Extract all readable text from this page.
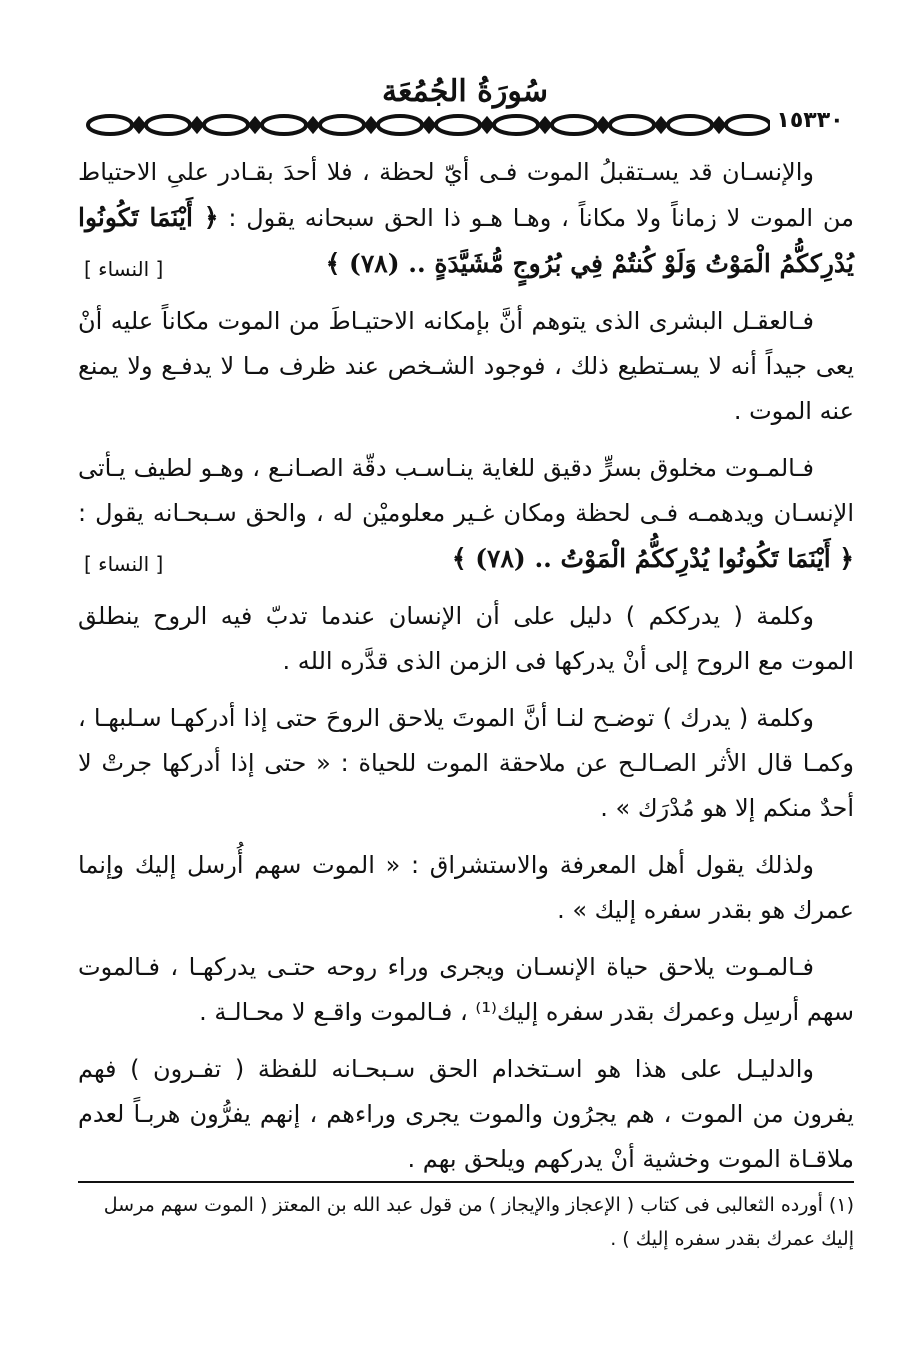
سُورَةُ الجُمُعَة
١٥٣٣٠

والإنسـان قد يسـتقبلُ الموت فـى أيّ لحظة ، فلا أحدَ بقـادر علىِ الاحتياط من الموت لا زماناً ولا مكاناً ، وهـا هـو ذا الحق سبحانه يقول : ﴿ أَيْنَمَا تَكُونُوا يُدْرِككُّمُ الْمَوْتُ وَلَوْ كُنتُمْ فِي بُرُوجٍ مُّشَيَّدَةٍ .. (٧٨) ﴾
[ النساء ]

فـالعقـل البشرى الذى يتوهم أنَّ بإمكانه الاحتيـاطَ من الموت مكاناً عليه أنْ يعى جيداً أنه لا يسـتطيع ذلك ، فوجود الشـخص عند ظرف مـا لا يدفـع ولا يمنع عنه الموت .

فـالمـوت مخلوق بسرٍّ دقيق للغاية ينـاسـب دقّة الصـانـع ، وهـو لطيف يـأتى الإنسـان ويدهمـه فـى لحظة ومكان غـير معلوميْن له ، والحق سـبحـانه يقول : ﴿ أَيْنَمَا تَكُونُوا يُدْرِككُّمُ الْمَوْتُ .. (٧٨) ﴾
[ النساء ]

وكلمة ( يدرككم ) دليل على أن الإنسان عندما تدبّ فيه الروح ينطلق الموت مع الروح إلى أنْ يدركها فى الزمن الذى قدَّره الله .

وكلمة ( يدرك ) توضـح لنـا أنَّ الموتَ يلاحق الروحَ حتى إذا أدركهـا سـلبهـا ، وكمـا قال الأثر الصـالـح عن ملاحقة الموت للحياة : « حتى إذا أدركها جرتْ لا أحدٌ منكم إلا هو مُدْرَك » .

ولذلك يقول أهل المعرفة والاستشراق : « الموت سهم أُرسل إليك وإنما عمرك هو بقدر سفره إليك » .

فـالمـوت يلاحق حياة الإنسـان ويجرى وراء روحه حتـى يدركهـا ، فـالموت سهم أرسِل وعمرك بقدر سفره إليك⁽¹⁾ ، فـالموت واقـع لا محـالـة .

والدليـل على هذا هو اسـتخدام الحق سـبحـانه للفظة ( تفـرون ) فهم يفرون من الموت ، هم يجرُون والموت يجرى وراءهم ، إنهم يفرُّون هربـاً لعدم ملاقـاة الموت وخشية أنْ يدركهم ويلحق بهم .

(١) أورده الثعالبى فى كتاب ( الإعجاز والإيجاز ) من قول عبد الله بن المعتز ( الموت سهم مرسل إليك عمرك بقدر سفره إليك ) .
